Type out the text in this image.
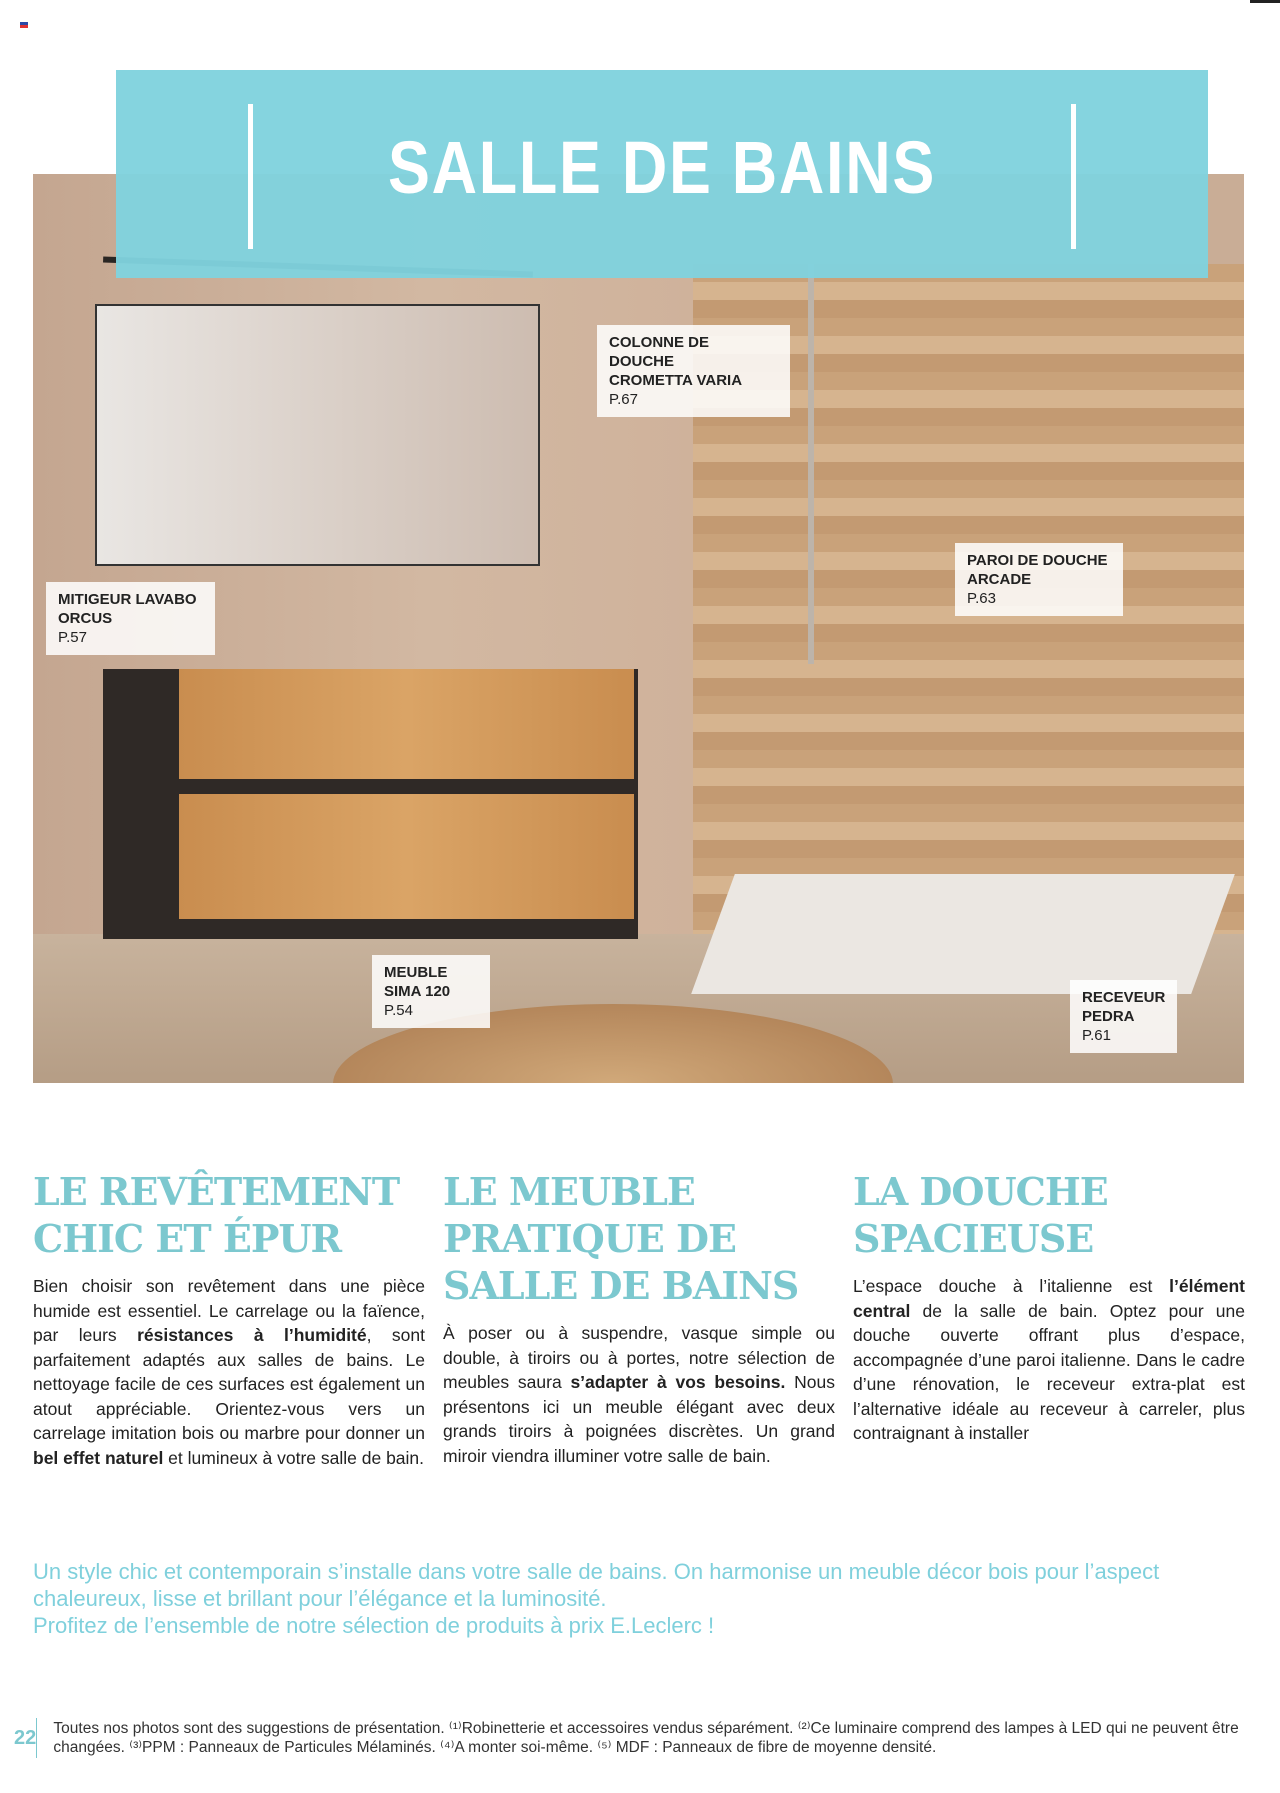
SALLE DE BAINS
COLONNE DE DOUCHE
CROMETTA VARIA
P.67
MITIGEUR LAVABO
ORCUS
P.57
PAROI DE DOUCHE
ARCADE
P.63
MEUBLE
SIMA 120
P.54
RECEVEUR
PEDRA
P.61
LE REVÊTEMENT CHIC ET ÉPUR

Bien choisir son revêtement dans une pièce humide est essentiel. Le carrelage ou la faïence, par leurs résistances à l’humidité, sont parfaitement adaptés aux salles de bains. Le nettoyage facile de ces surfaces est également un atout appréciable. Orientez-vous vers un carrelage imitation bois ou marbre pour donner un bel effet naturel et lumineux à votre salle de bain.

LE MEUBLE PRATIQUE DE SALLE DE BAINS

À poser ou à suspendre, vasque simple ou double, à tiroirs ou à portes, notre sélection de meubles saura s’adapter à vos besoins. Nous présentons ici un meuble élégant avec deux grands tiroirs à poignées discrètes. Un grand miroir viendra illuminer votre salle de bain.

LA DOUCHE SPACIEUSE

L’espace douche à l’italienne est l’élément central de la salle de bain. Optez pour une douche ouverte offrant plus d’espace, accompagnée d’une paroi italienne. Dans le cadre d’une rénovation, le receveur extra-plat est l’alternative idéale au receveur à carreler, plus contraignant à installer

Un style chic et contemporain s’installe dans votre salle de bains. On harmonise un meuble décor bois pour l’aspect chaleureux, lisse et brillant pour l’élégance et la luminosité.
Profitez de l’ensemble de notre sélection de produits à prix E.Leclerc !
22 Toutes nos photos sont des suggestions de présentation. ⁽¹⁾Robinetterie et accessoires vendus séparément. ⁽²⁾Ce luminaire comprend des lampes à LED qui ne peuvent être changées. ⁽³⁾PPM : Panneaux de Particules Mélaminés. ⁽⁴⁾A monter soi-même. ⁽⁵⁾ MDF : Panneaux de fibre de moyenne densité.
